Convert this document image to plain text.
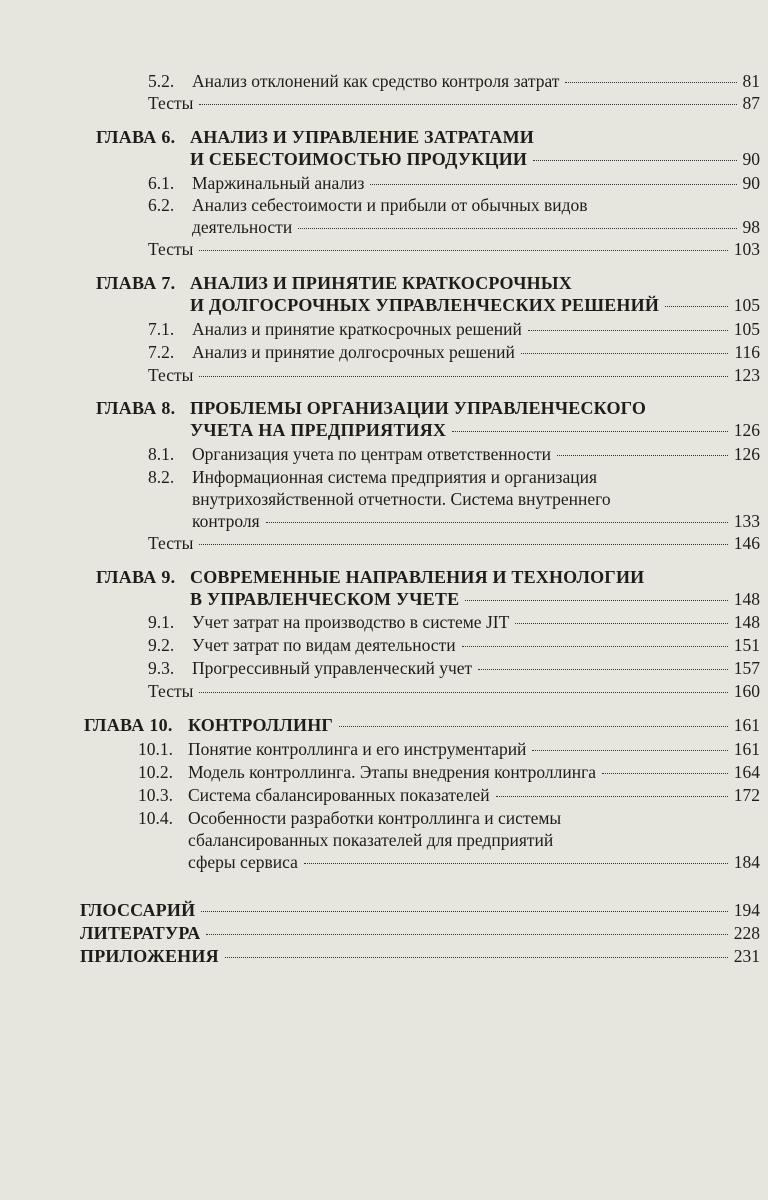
5.2.	Анализ отклонений как средство контроля затрат	81
Тесты	87
ГЛАВА 6. АНАЛИЗ И УПРАВЛЕНИЕ ЗАТРАТАМИ
И СЕБЕСТОИМОСТЬЮ ПРОДУКЦИИ	90
6.1.	Маржинальный анализ	90
6.2. Анализ себестоимости и прибыли от обычных видов
деятельности	98
Тесты	103
ГЛАВА 7. АНАЛИЗ И ПРИНЯТИЕ КРАТКОСРОЧНЫХ
И ДОЛГОСРОЧНЫХ УПРАВЛЕНЧЕСКИХ РЕШЕНИЙ	105
7.1.	Анализ и принятие краткосрочных решений	105
7.2.	Анализ и принятие долгосрочных решений	116
Тесты	123
ГЛАВА 8. ПРОБЛЕМЫ ОРГАНИЗАЦИИ УПРАВЛЕНЧЕСКОГО
УЧЕТА НА ПРЕДПРИЯТИЯХ	126
8.1.	Организация учета по центрам ответственности	126
8.2. Информационная система предприятия и организация
внутрихозяйственной отчетности. Система внутреннего
контроля	133
Тесты	146
ГЛАВА 9. СОВРЕМЕННЫЕ НАПРАВЛЕНИЯ И ТЕХНОЛОГИИ
В УПРАВЛЕНЧЕСКОМ УЧЕТЕ	148
9.1.	Учет затрат на производство в системе JIT	148
9.2.	Учет затрат по видам деятельности	151
9.3.	Прогрессивный управленческий учет	157
Тесты	160
ГЛАВА 10. КОНТРОЛЛИНГ	161
10.1. Понятие контроллинга и его инструментарий	161
10.2. Модель контроллинга. Этапы внедрения контроллинга	164
10.3. Система сбалансированных показателей	172
10.4. Особенности разработки контроллинга и системы
сбалансированных показателей для предприятий
сферы сервиса	184
ГЛОССАРИЙ	194
ЛИТЕРАТУРА	228
ПРИЛОЖЕНИЯ	231
